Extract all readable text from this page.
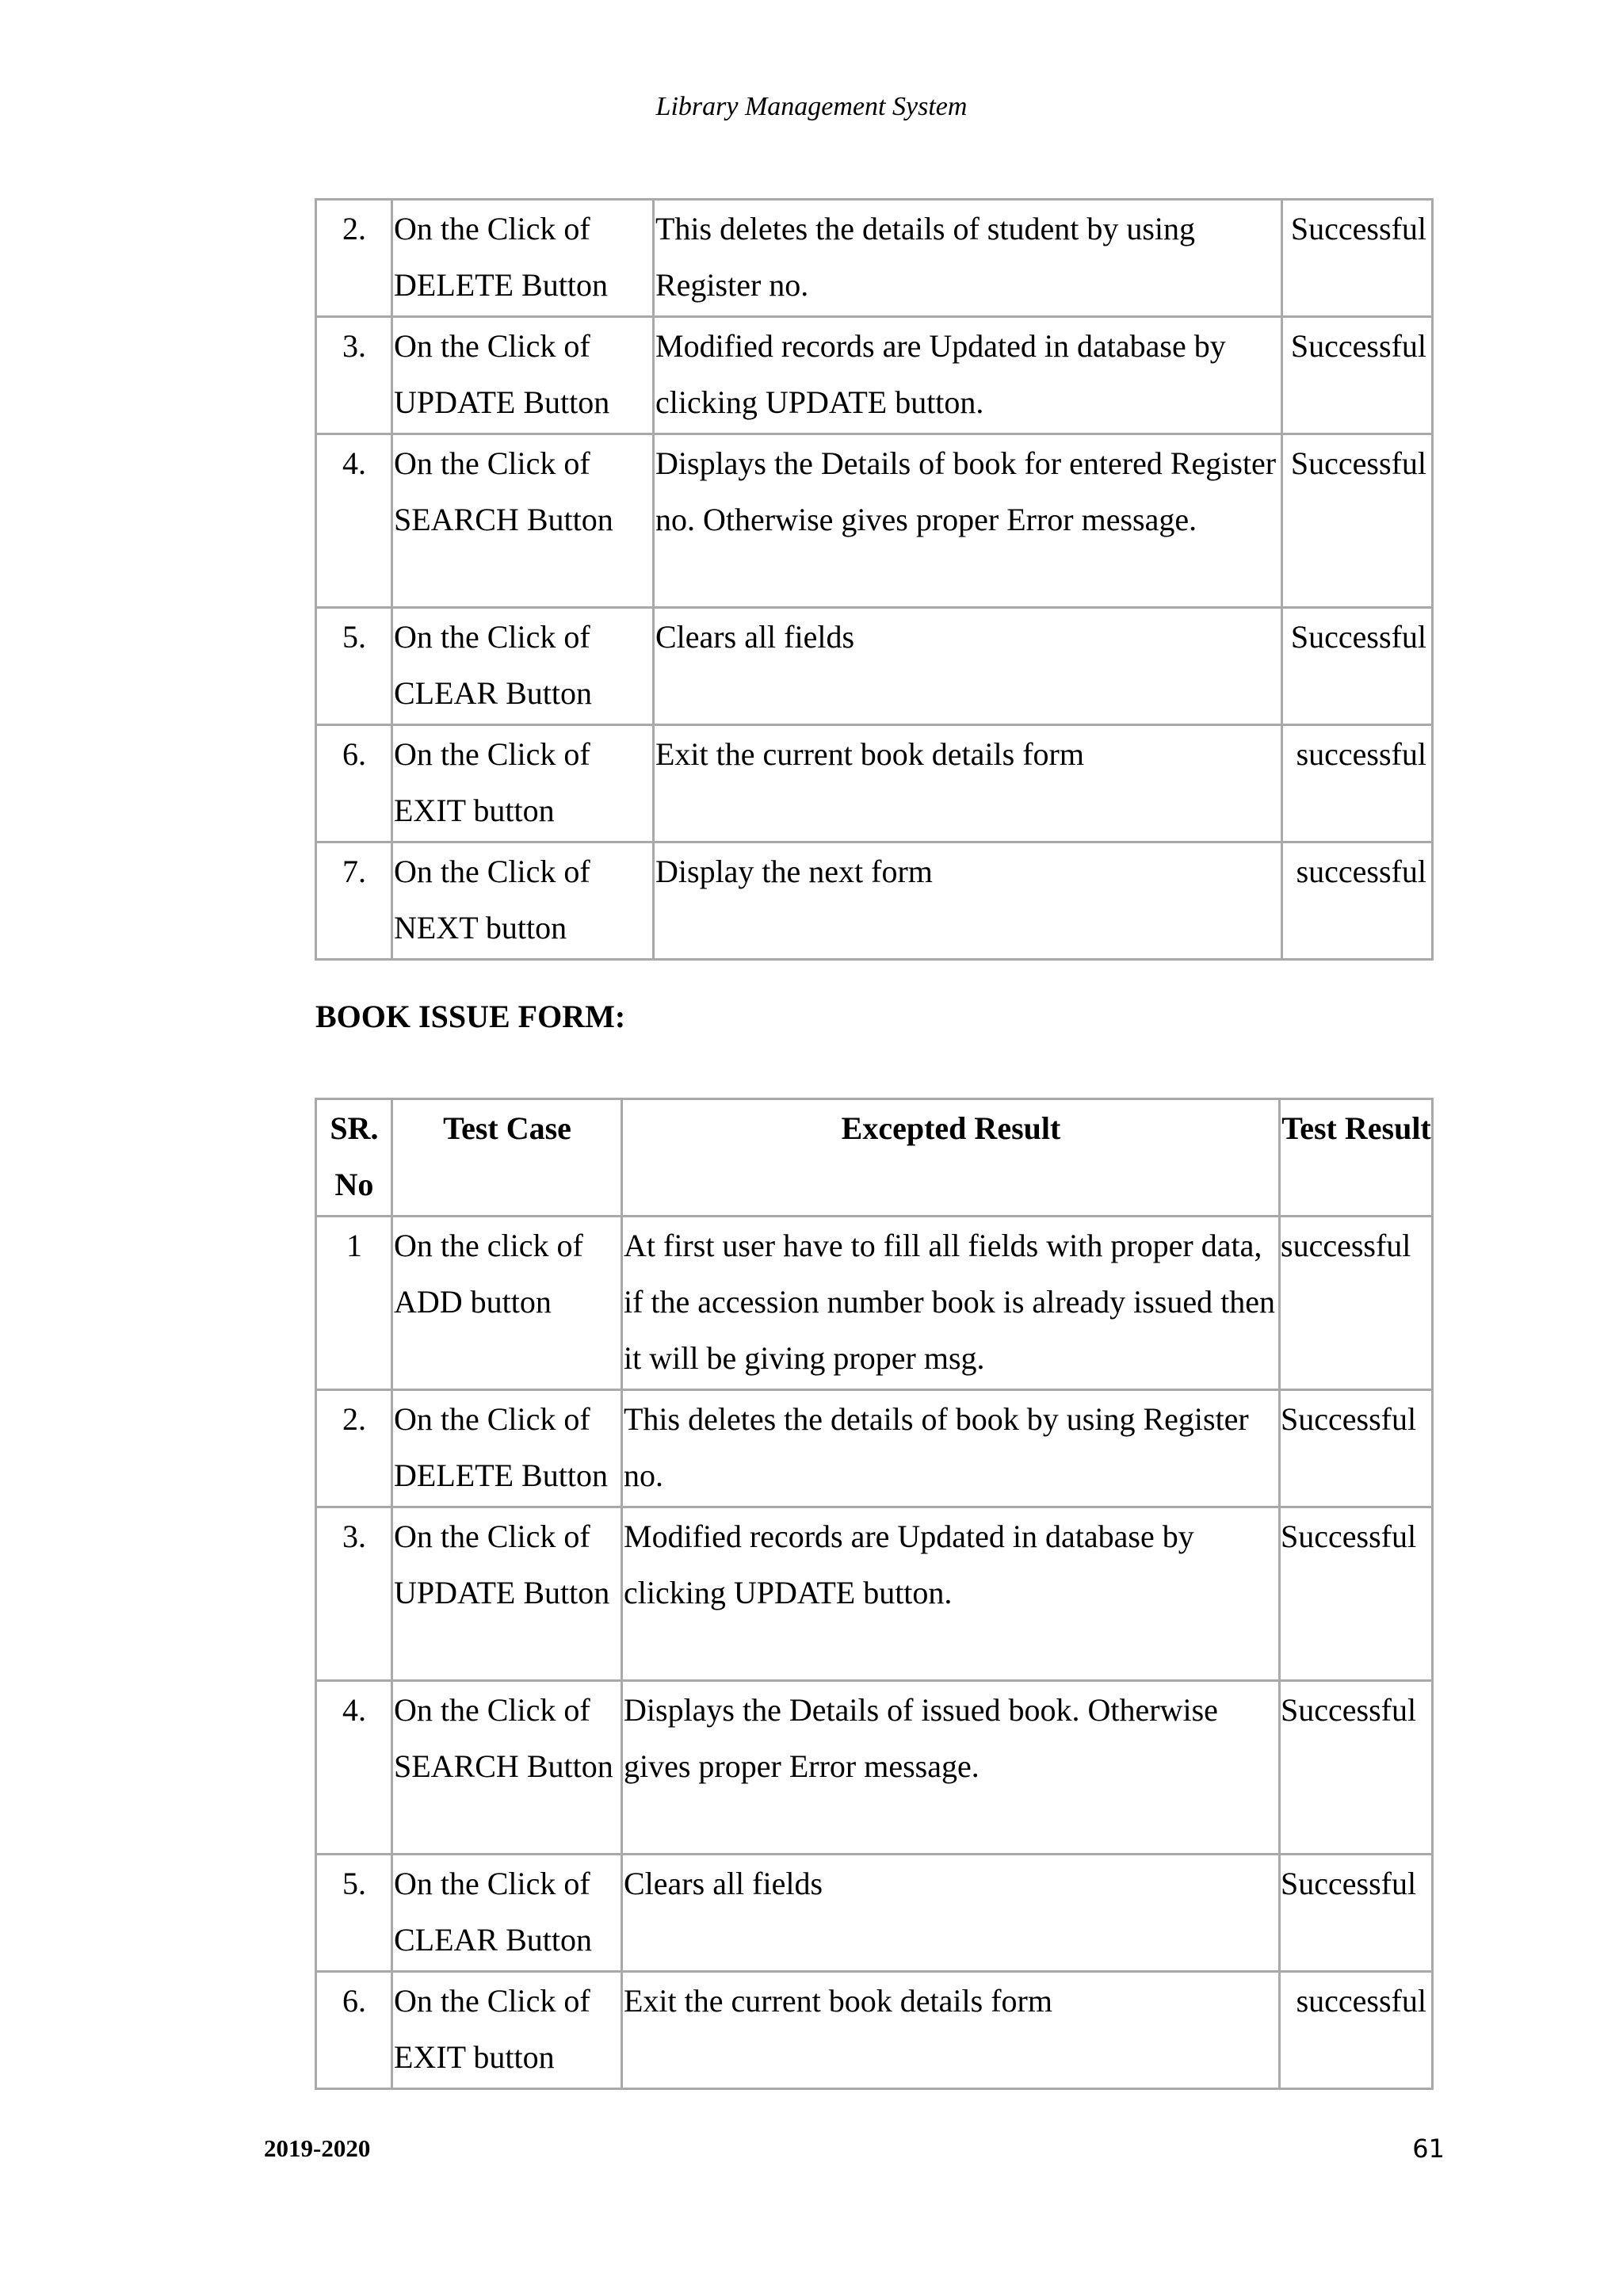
Library Management System
2.	On the Click of DELETE Button	This deletes the details of student by using Register no.	Successful
3.	On the Click of UPDATE Button	Modified records are Updated in database by clicking UPDATE button.	Successful
4.	On the Click of SEARCH Button	Displays the Details of book for entered Register no. Otherwise gives proper Error message.	Successful
5.	On the Click of CLEAR Button	Clears all fields	Successful
6.	On the Click of EXIT button	Exit the current book details form	successful
7.	On the Click of NEXT button	Display the next form	successful
BOOK ISSUE FORM:
SR. No	Test Case	Excepted Result	Test Result
1	On the click of ADD button	At first user have to fill all fields with proper data, if the accession number book is already issued then it will be giving proper msg.	successful
2.	On the Click of DELETE Button	This deletes the details of book by using Register no.	Successful
3.	On the Click of UPDATE Button	Modified records are Updated in database by clicking UPDATE button.	Successful
4.	On the Click of SEARCH Button	Displays the Details of issued book. Otherwise gives proper Error message.	Successful
5.	On the Click of CLEAR Button	Clears all fields	Successful
6.	On the Click of EXIT button	Exit the current book details form	successful
2019-2020	61
